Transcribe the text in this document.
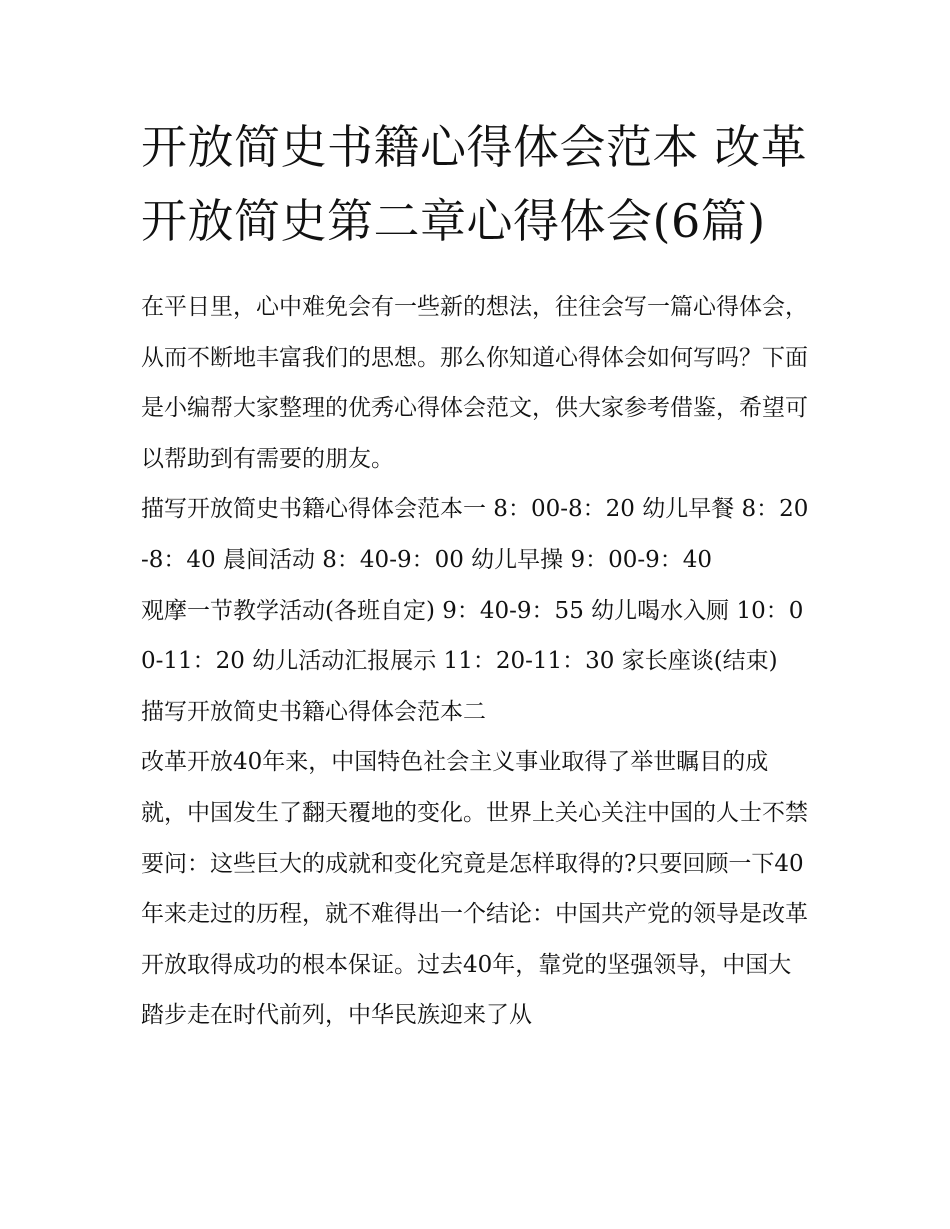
开放简史书籍心得体会范本 改革开放简史第二章心得体会(6篇)

在平日里，心中难免会有一些新的想法，往往会写一篇心得体会，从而不断地丰富我们的思想。那么你知道心得体会如何写吗？下面是小编帮大家整理的优秀心得体会范文，供大家参考借鉴，希望可以帮助到有需要的朋友。

描写开放简史书籍心得体会范本一 8：00-8：20 幼儿早餐 8：20-8：40 晨间活动 8：40-9：00 幼儿早操 9：00-9：40

观摩一节教学活动(各班自定) 9：40-9：55 幼儿喝水入厕 10：00-11：20 幼儿活动汇报展示 11：20-11：30 家长座谈(结束)

描写开放简史书籍心得体会范本二

改革开放40年来，中国特色社会主义事业取得了举世瞩目的成就，中国发生了翻天覆地的变化。世界上关心关注中国的人士不禁要问：这些巨大的成就和变化究竟是怎样取得的?只要回顾一下40年来走过的历程，就不难得出一个结论：中国共产党的领导是改革开放取得成功的根本保证。过去40年，靠党的坚强领导，中国大踏步走在时代前列，中华民族迎来了从
